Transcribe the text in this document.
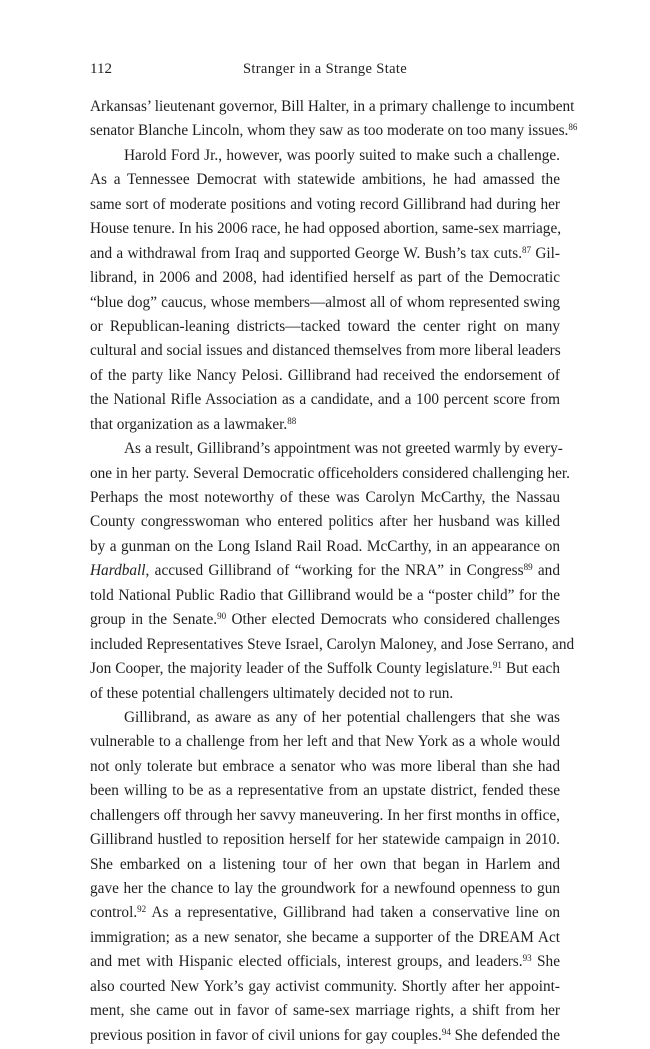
112	Stranger in a Strange State
Arkansas’ lieutenant governor, Bill Halter, in a primary challenge to incumbent
senator Blanche Lincoln, whom they saw as too moderate on too many issues.$^{86}$
Harold Ford Jr., however, was poorly suited to make such a challenge.
As a Tennessee Democrat with statewide ambitions, he had amassed the
same sort of moderate positions and voting record Gillibrand had during her
House tenure. In his 2006 race, he had opposed abortion, same-sex marriage,
and a withdrawal from Iraq and supported George W. Bush’s tax cuts.$^{87}$ Gil-
librand, in 2006 and 2008, had identified herself as part of the Democratic
“blue dog” caucus, whose members—almost all of whom represented swing
or Republican-leaning districts—tacked toward the center right on many
cultural and social issues and distanced themselves from more liberal leaders
of the party like Nancy Pelosi. Gillibrand had received the endorsement of
the National Rifle Association as a candidate, and a 100 percent score from
that organization as a lawmaker.$^{88}$
As a result, Gillibrand’s appointment was not greeted warmly by every-
one in her party. Several Democratic officeholders considered challenging her.
Perhaps the most noteworthy of these was Carolyn McCarthy, the Nassau
County congresswoman who entered politics after her husband was killed
by a gunman on the Long Island Rail Road. McCarthy, in an appearance on
Hardball, accused Gillibrand of “working for the NRA” in Congress$^{89}$ and
told National Public Radio that Gillibrand would be a “poster child” for the
group in the Senate.$^{90}$ Other elected Democrats who considered challenges
included Representatives Steve Israel, Carolyn Maloney, and Jose Serrano, and
Jon Cooper, the majority leader of the Suffolk County legislature.$^{91}$ But each
of these potential challengers ultimately decided not to run.
Gillibrand, as aware as any of her potential challengers that she was
vulnerable to a challenge from her left and that New York as a whole would
not only tolerate but embrace a senator who was more liberal than she had
been willing to be as a representative from an upstate district, fended these
challengers off through her savvy maneuvering. In her first months in office,
Gillibrand hustled to reposition herself for her statewide campaign in 2010.
She embarked on a listening tour of her own that began in Harlem and
gave her the chance to lay the groundwork for a newfound openness to gun
control.$^{92}$ As a representative, Gillibrand had taken a conservative line on
immigration; as a new senator, she became a supporter of the DREAM Act
and met with Hispanic elected officials, interest groups, and leaders.$^{93}$ She
also courted New York’s gay activist community. Shortly after her appoint-
ment, she came out in favor of same-sex marriage rights, a shift from her
previous position in favor of civil unions for gay couples.$^{94}$ She defended the
